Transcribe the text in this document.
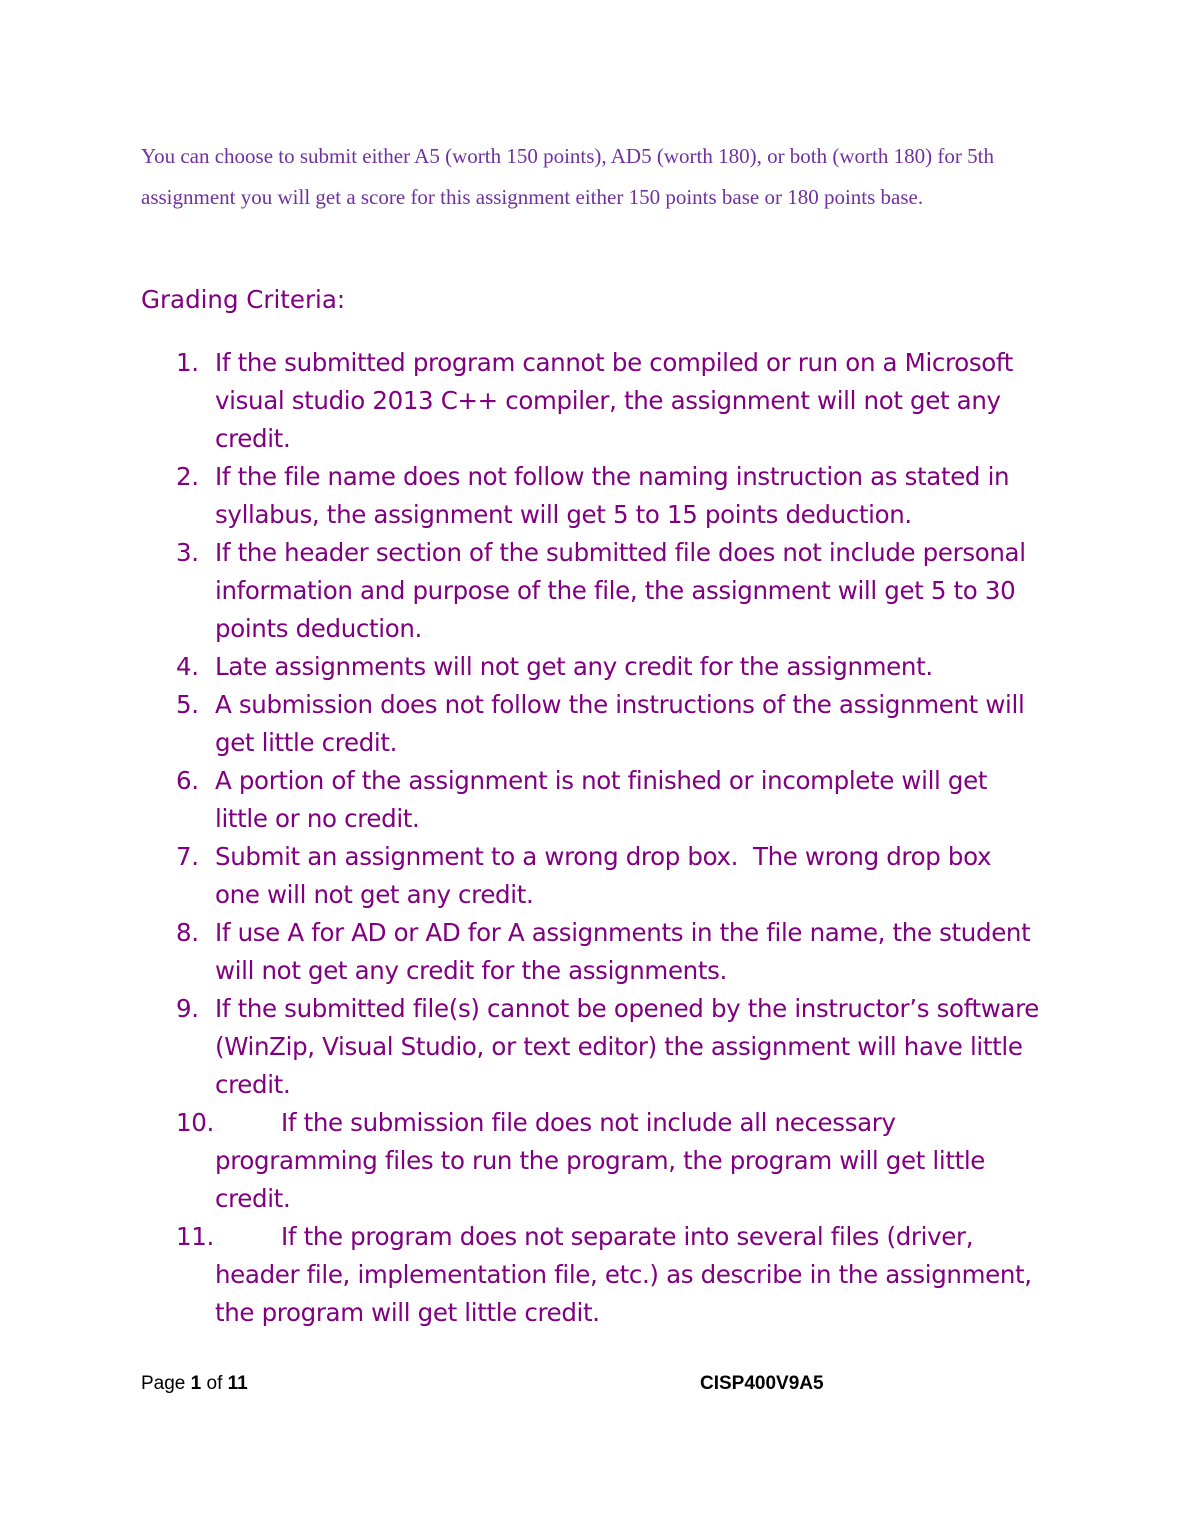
You can choose to submit either A5 (worth 150 points), AD5 (worth 180), or both (worth 180) for 5th assignment you will get a score for this assignment either 150 points base or 180 points base.

Grading Criteria:
1. If the submitted program cannot be compiled or run on a Microsoft visual studio 2013 C++ compiler, the assignment will not get any credit.
2. If the file name does not follow the naming instruction as stated in syllabus, the assignment will get 5 to 15 points deduction.
3. If the header section of the submitted file does not include personal information and purpose of the file, the assignment will get 5 to 30 points deduction.
4. Late assignments will not get any credit for the assignment.
5. A submission does not follow the instructions of the assignment will get little credit.
6. A portion of the assignment is not finished or incomplete will get little or no credit.
7. Submit an assignment to a wrong drop box.  The wrong drop box one will not get any credit.
8. If use A for AD or AD for A assignments in the file name, the student will not get any credit for the assignments.
9. If the submitted file(s) cannot be opened by the instructor’s software (WinZip, Visual Studio, or text editor) the assignment will have little credit.
10.	If the submission file does not include all necessary programming files to run the program, the program will get little credit.
11.	If the program does not separate into several files (driver, header file, implementation file, etc.) as describe in the assignment, the program will get little credit.
Page 1 of 11	CISP400V9A5
